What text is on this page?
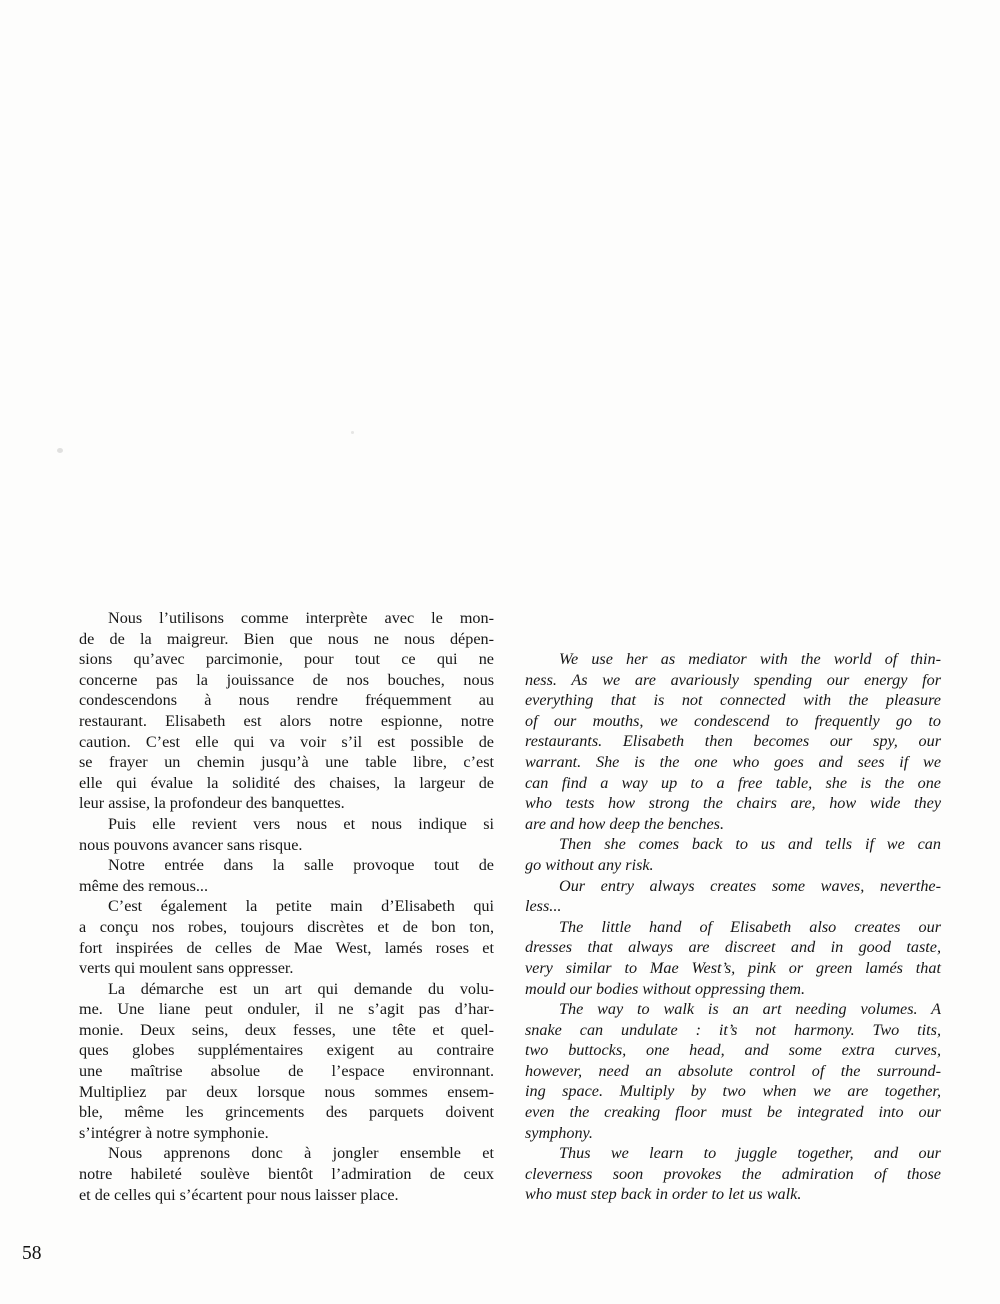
Nous l’utilisons comme interprète avec le mon-
de de la maigreur. Bien que nous ne nous dépen-
sions qu’avec parcimonie, pour tout ce qui ne
concerne pas la jouissance de nos bouches, nous
condescendons à nous rendre fréquemment au
restaurant. Elisabeth est alors notre espionne, notre
caution. C’est elle qui va voir s’il est possible de
se frayer un chemin jusqu’à une table libre, c’est
elle qui évalue la solidité des chaises, la largeur de
leur assise, la profondeur des banquettes.

Puis elle revient vers nous et nous indique si
nous pouvons avancer sans risque.

Notre entrée dans la salle provoque tout de
même des remous...

C’est également la petite main d’Elisabeth qui
a conçu nos robes, toujours discrètes et de bon ton,
fort inspirées de celles de Mae West, lamés roses et
verts qui moulent sans oppresser.

La démarche est un art qui demande du volu-
me. Une liane peut onduler, il ne s’agit pas d’har-
monie. Deux seins, deux fesses, une tête et quel-
ques globes supplémentaires exigent au contraire
une maîtrise absolue de l’espace environnant.
Multipliez par deux lorsque nous sommes ensem-
ble, même les grincements des parquets doivent
s’intégrer à notre symphonie.

Nous apprenons donc à jongler ensemble et
notre habileté soulève bientôt l’admiration de ceux
et de celles qui s’écartent pour nous laisser place.

We use her as mediator with the world of thin-
ness. As we are avariously spending our energy for
everything that is not connected with the pleasure
of our mouths, we condescend to frequently go to
restaurants. Elisabeth then becomes our spy, our
warrant. She is the one who goes and sees if we
can find a way up to a free table, she is the one
who tests how strong the chairs are, how wide they
are and how deep the benches.

Then she comes back to us and tells if we can
go without any risk.

Our entry always creates some waves, neverthe-
less...

The little hand of Elisabeth also creates our
dresses that always are discreet and in good taste,
very similar to Mae West’s, pink or green lamés that
mould our bodies without oppressing them.

The way to walk is an art needing volumes. A
snake can undulate : it’s not harmony. Two tits,
two buttocks, one head, and some extra curves,
however, need an absolute control of the surround-
ing space. Multiply by two when we are together,
even the creaking floor must be integrated into our
symphony.

Thus we learn to juggle together, and our
cleverness soon provokes the admiration of those
who must step back in order to let us walk.

58
